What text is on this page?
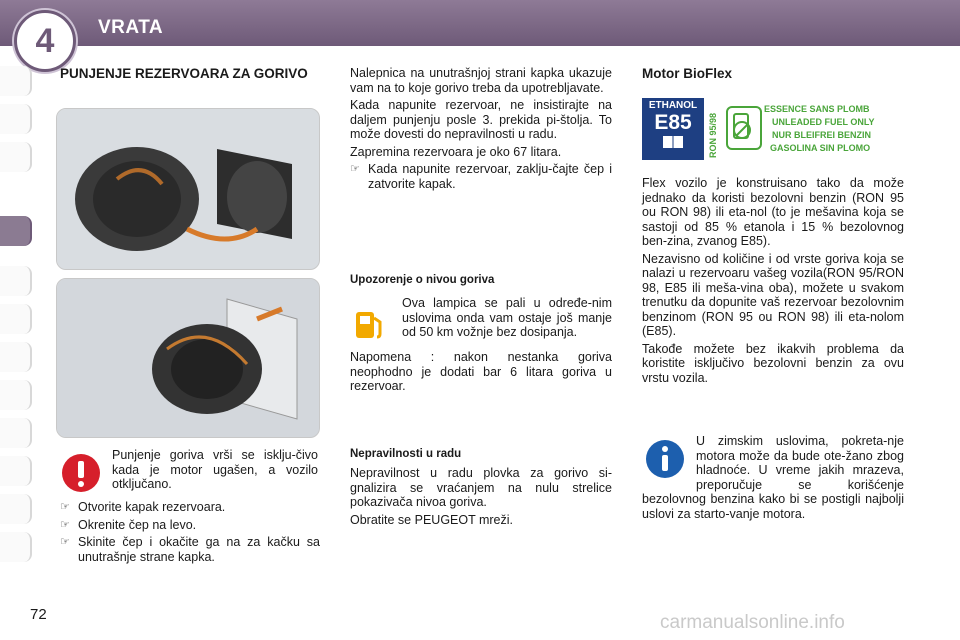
4	VRATA
PUNJENJE REZERVOARA ZA GORIVO
Punjenje goriva vrši se isklju-čivo kada je motor ugašen, a vozilo otključano.
☞ Otvorite kapak rezervoara.
☞ Okrenite čep na levo.
☞ Skinite čep i okačite ga na za kačku sa unutrašnje strane kapka.

Nalepnica na unutrašnjoj strani kapka ukazuje vam na to koje gorivo treba da upotrebljavate.

Kada napunite rezervoar, ne insistirajte na daljem punjenju posle 3. prekida pi-štolja. To može dovesti do nepravilnosti u radu.

Zapremina rezervoara je oko 67 litara.

☞ Kada napunite rezervoar, zaklju-čajte čep i zatvorite kapak.
Upozorenje o nivou goriva
Ova lampica se pali u određe-nim uslovima onda vam ostaje još manje od 50 km vožnje bez dosipanja.
Napomena : nakon nestanka goriva neophodno je dodati bar 6 litara goriva u rezervoar.
Nepravilnosti u radu

Nepravilnost u radu plovka za gorivo si-gnalizira se vraćanjem na nulu strelice pokazivača nivoa goriva.

Obratite se PEUGEOT mreži.

Motor BioFlex
ETHANOL
E85	RON 95/98
ESSENCE SANS PLOMB
UNLEADED FUEL ONLY
NUR BLEIFREI BENZIN
GASOLINA SIN PLOMO

Flex vozilo je konstruisano tako da može jednako da koristi bezolovni benzin (RON 95 ou RON 98) ili eta-nol (to je mešavina koja se sastoji od 85 % etanola i 15 % bezolovnog ben-zina, zvanog E85).

Nezavisno od količine i od vrste goriva koja se nalazi u rezervoaru vašeg vozila(RON 95/RON 98, E85 ili meša-vina oba), možete u svakom trenutku da dopunite vaš rezervoar bezolovnim benzinom (RON 95 ou RON 98) ili eta-nolom (E85).

Takođe možete bez ikakvih problema da koristite isključivo bezolovni benzin za ovu vrstu vozila.

U zimskim uslovima, pokreta-nje motora može da bude ote-žano zbog hladnoće. U vreme jakih mrazeva, preporučuje se korišćenje bezolovnog benzina kako bi se postigli najbolji uslovi za starto-vanje motora.
72	carmanualsonline.info
